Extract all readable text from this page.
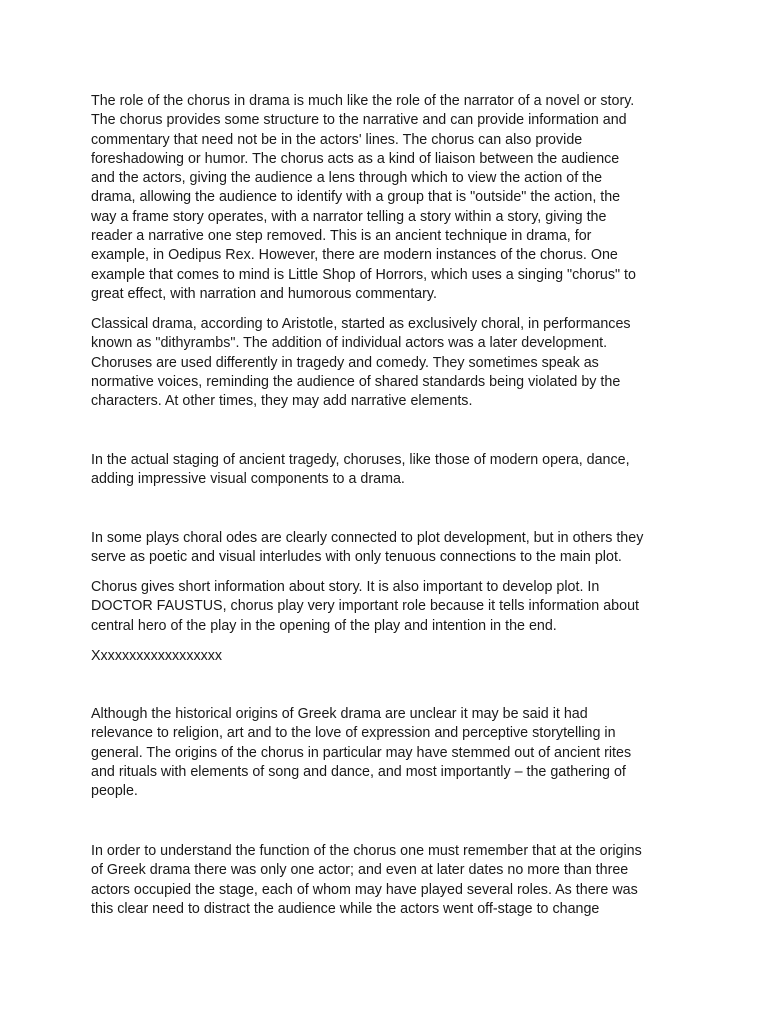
The role of the chorus in drama is much like the role of the narrator of a novel or story.
The chorus provides some structure to the narrative and can provide information and
commentary that need not be in the actors' lines. The chorus can also provide
foreshadowing or humor. The chorus acts as a kind of liaison between the audience
and the actors, giving the audience a lens through which to view the action of the
drama, allowing the audience to identify with a group that is "outside" the action, the
way a frame story operates, with a narrator telling a story within a story, giving the
reader a narrative one step removed. This is an ancient technique in drama, for
example, in Oedipus Rex. However, there are modern instances of the chorus. One
example that comes to mind is Little Shop of Horrors, which uses a singing "chorus" to
great effect, with narration and humorous commentary.

Classical drama, according to Aristotle, started as exclusively choral, in performances
known as "dithyrambs". The addition of individual actors was a later development.
Choruses are used differently in tragedy and comedy. They sometimes speak as
normative voices, reminding the audience of shared standards being violated by the
characters. At other times, they may add narrative elements.

In the actual staging of ancient tragedy, choruses, like those of modern opera, dance,
adding impressive visual components to a drama.

In some plays choral odes are clearly connected to plot development, but in others they
serve as poetic and visual interludes with only tenuous connections to the main plot.

Chorus gives short information about story. It is also important to develop plot. In
DOCTOR FAUSTUS, chorus play very important role because it tells information about
central hero of the play in the opening of the play and intention in the end.

Xxxxxxxxxxxxxxxxxx

Although the historical origins of Greek drama are unclear it may be said it had
relevance to religion, art and to the love of expression and perceptive storytelling in
general. The origins of the chorus in particular may have stemmed out of ancient rites
and rituals with elements of song and dance, and most importantly – the gathering of
people.

In order to understand the function of the chorus one must remember that at the origins
of Greek drama there was only one actor; and even at later dates no more than three
actors occupied the stage, each of whom may have played several roles. As there was
this clear need to distract the audience while the actors went off-stage to change
